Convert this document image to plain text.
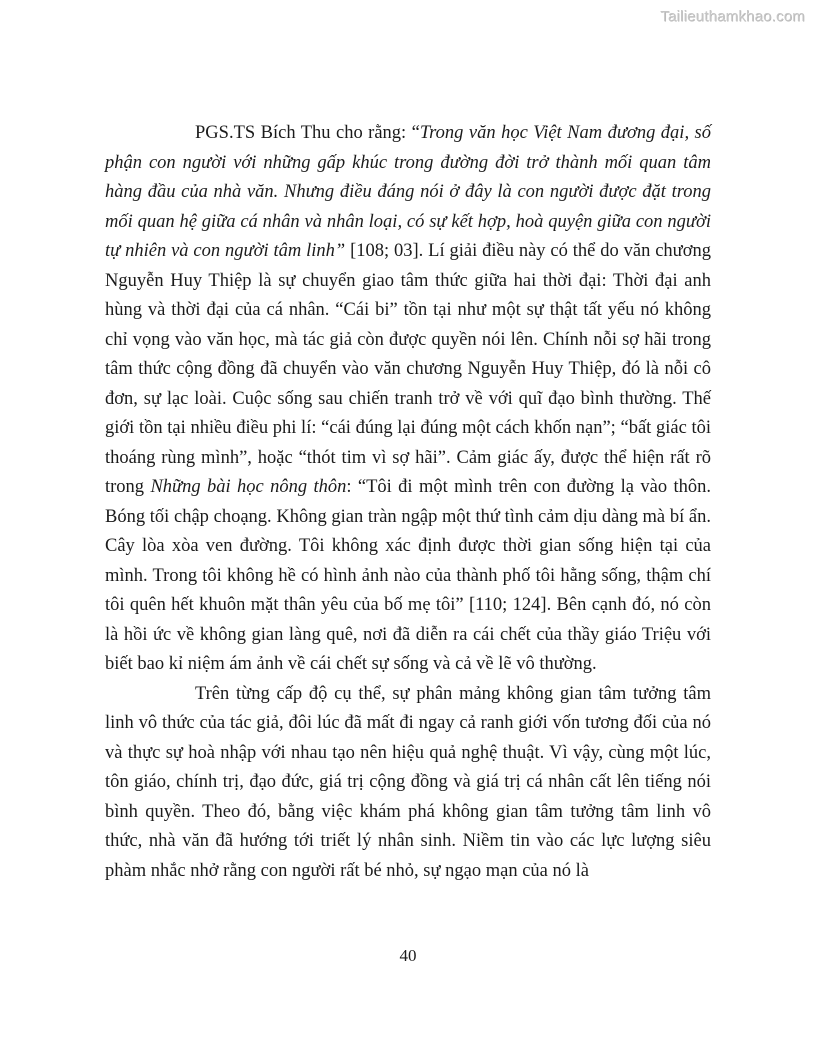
Tailieuthamkhao.com

PGS.TS Bích Thu cho rằng: “Trong văn học Việt Nam đương đại, số phận con người với những gấp khúc trong đường đời trở thành mối quan tâm hàng đầu của nhà văn. Nhưng điều đáng nói ở đây là con người được đặt trong mối quan hệ giữa cá nhân và nhân loại, có sự kết hợp, hoà quyện giữa con người tự nhiên và con người tâm linh” [108; 03]. Lí giải điều này có thể do văn chương Nguyễn Huy Thiệp là sự chuyển giao tâm thức giữa hai thời đại: Thời đại anh hùng và thời đại của cá nhân. “Cái bi” tồn tại như một sự thật tất yếu nó không chỉ vọng vào văn học, mà tác giả còn được quyền nói lên. Chính nỗi sợ hãi trong tâm thức cộng đồng đã chuyển vào văn chương Nguyễn Huy Thiệp, đó là nỗi cô đơn, sự lạc loài. Cuộc sống sau chiến tranh trở về với quĩ đạo bình thường. Thế giới tồn tại nhiều điều phi lí: “cái đúng lại đúng một cách khốn nạn”; “bất giác tôi thoáng rùng mình”, hoặc “thót tim vì sợ hãi”. Cảm giác ấy, được thể hiện rất rõ trong Những bài học nông thôn: “Tôi đi một mình trên con đường lạ vào thôn. Bóng tối chập choạng. Không gian tràn ngập một thứ tình cảm dịu dàng mà bí ẩn. Cây lòa xòa ven đường. Tôi không xác định được thời gian sống hiện tại của mình. Trong tôi không hề có hình ảnh nào của thành phố tôi hằng sống, thậm chí tôi quên hết khuôn mặt thân yêu của bố mẹ tôi” [110; 124]. Bên cạnh đó, nó còn là hồi ức về không gian làng quê, nơi đã diễn ra cái chết của thầy giáo Triệu với biết bao kỉ niệm ám ảnh về cái chết sự sống và cả về lẽ vô thường.

Trên từng cấp độ cụ thể, sự phân mảng không gian tâm tưởng tâm linh vô thức của tác giả, đôi lúc đã mất đi ngay cả ranh giới vốn tương đối của nó và thực sự hoà nhập với nhau tạo nên hiệu quả nghệ thuật. Vì vậy, cùng một lúc, tôn giáo, chính trị, đạo đức, giá trị cộng đồng và giá trị cá nhân cất lên tiếng nói bình quyền. Theo đó, bằng việc khám phá không gian tâm tưởng tâm linh vô thức, nhà văn đã hướng tới triết lý nhân sinh. Niềm tin vào các lực lượng siêu phàm nhắc nhở rằng con người rất bé nhỏ, sự ngạo mạn của nó là

40
